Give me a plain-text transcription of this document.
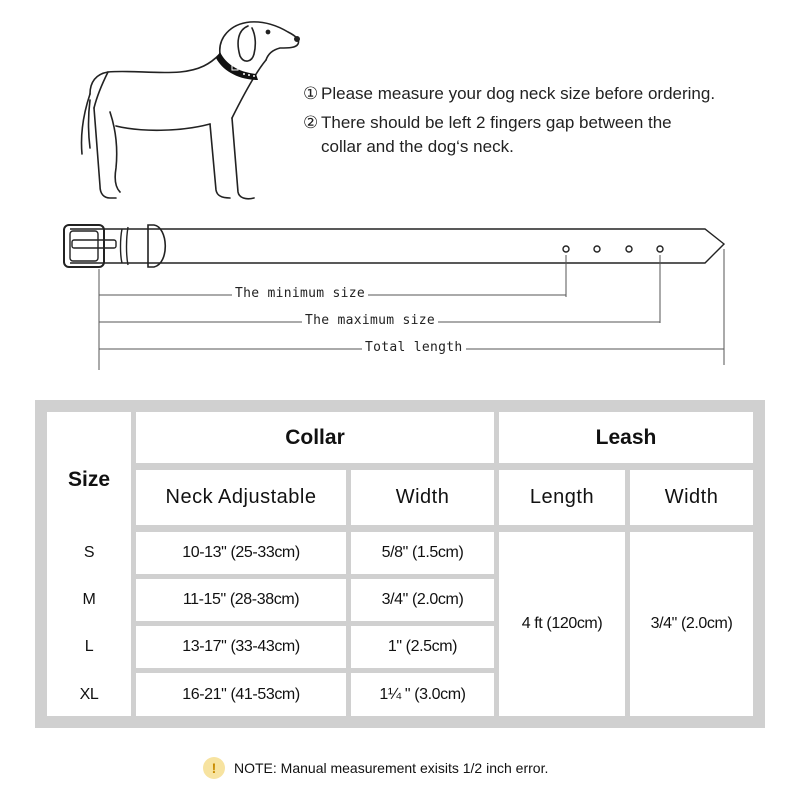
① Please measure your dog neck size before ordering.
② There should be left 2 fingers gap between the
collar and the dog‘s neck.
The minimum size
The maximum size
Total length
Size
Collar	Leash
Neck Adjustable	Width	Length	Width
S	10-13" (25-33cm)	5/8" (1.5cm)
M	11-15" (28-38cm)	3/4" (2.0cm)
L	13-17" (33-43cm)	1" (2.5cm)
XL	16-21" (41-53cm)	1¼ " (3.0cm)
4 ft (120cm)	3/4" (2.0cm)
!	NOTE: Manual measurement exisits 1/2 inch error.
